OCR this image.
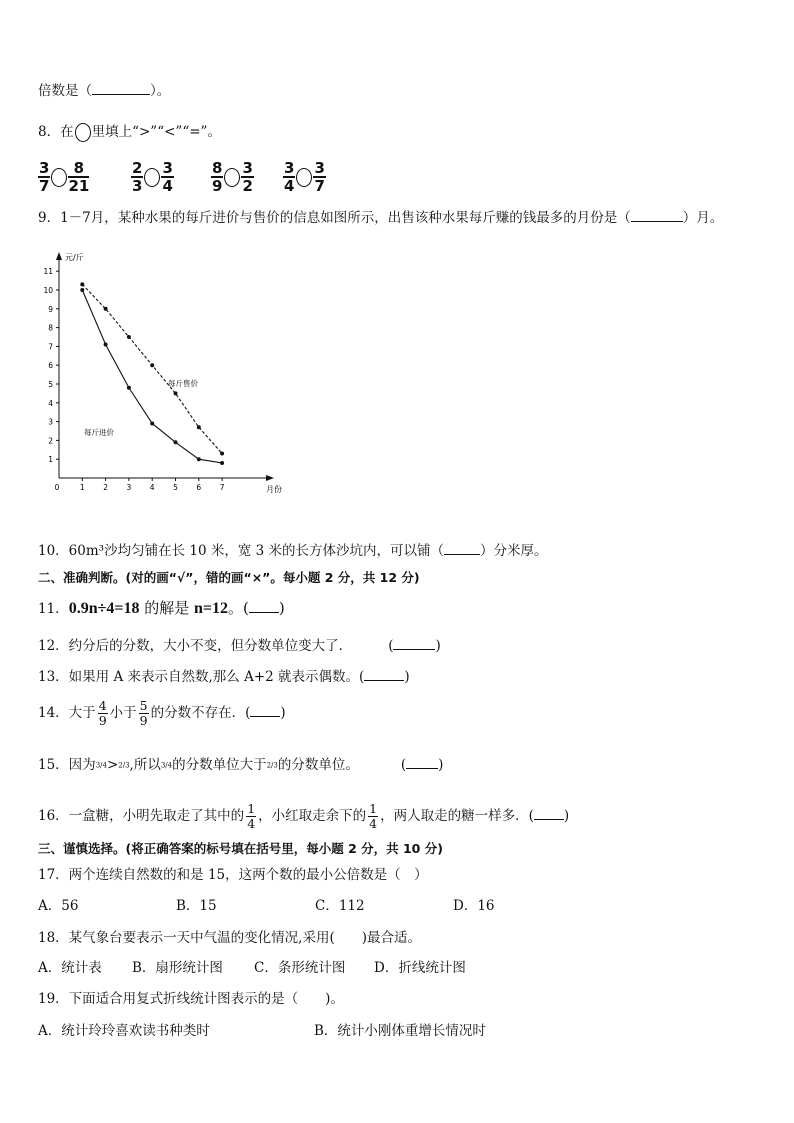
倍数是（	）。
8．在 里填上“>”“<”“=”。
3
7
8
21
2
3
3
4
8
9
3
2
3
4
3
7
9．1－7月，某种水果的每斤进价与售价的信息如图所示，出售该种水果每斤赚的钱最多的月份是（	）月。
元/斤
月份
1
2
3
4
5
6
7
8
9
10
11
0	1 2 3 4 5 6 7
每斤售价
每斤进价
10．60m³沙均匀铺在长 10 米，宽 3 米的长方体沙坑内，可以铺（	）分米厚。
二、准确判断。(对的画“√”，错的画“×”。每小题 2 分，共 12 分)
11．0.9n÷4=18 的解是 n=12。( )
12．约分后的分数，大小不变，但分数单位变大了．	(	)
13．如果用 A 来表示自然数,那么 A+2 就表示偶数。(	)
14．大于 $\frac{4}{9}$ 小于 $\frac{5}{9}$ 的分数不存在．( )
15．因为3/4>2/3,所以3/4的分数单位大于2/3的分数单位。	( )
16．一盒糖，小明先取走了其中的 $\frac{1}{4}$ ，小红取走余下的 $\frac{1}{4}$ ，两人取走的糖一样多．( )
三、谨慎选择。(将正确答案的标号填在括号里，每小题 2 分，共 10 分)
17．两个连续自然数的和是 15，这两个数的最小公倍数是（　）
A．56	B．15	C．112	D．16
18．某气象台要表示一天中气温的变化情况,采用(　　)最合适。
A．统计表 B．扇形统计图 C．条形统计图 D．折线统计图
19．下面适合用复式折线统计图表示的是（　　)。
A．统计玲玲喜欢读书种类时	B．统计小刚体重增长情况时
